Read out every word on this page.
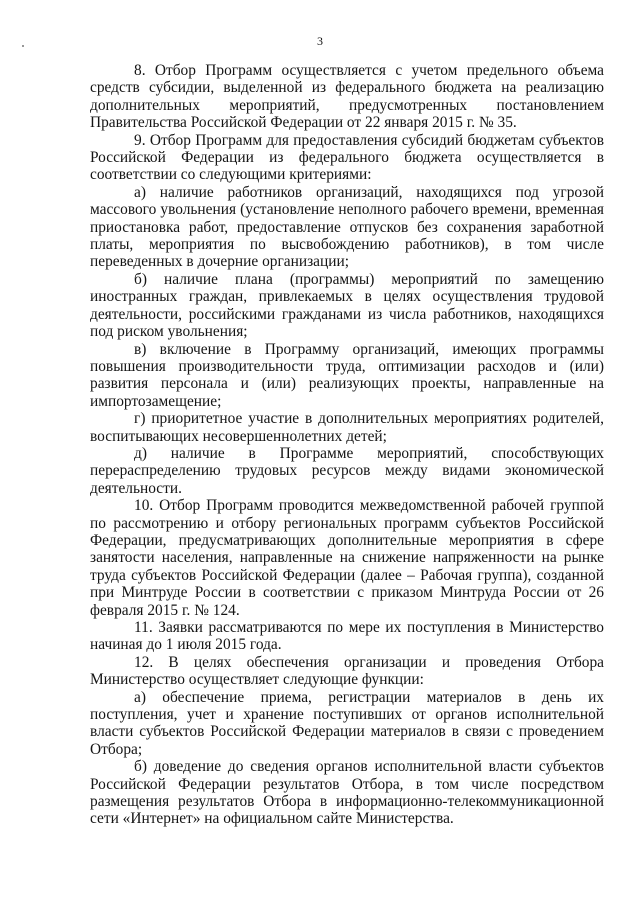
3

8. Отбор Программ осуществляется с учетом предельного объема средств субсидии, выделенной из федерального бюджета на реализацию дополнительных мероприятий, предусмотренных постановлением Правительства Российской Федерации от 22 января 2015 г. № 35.

9. Отбор Программ для предоставления субсидий бюджетам субъектов Российской Федерации из федерального бюджета осуществляется в соответствии со следующими критериями:

а) наличие работников организаций, находящихся под угрозой массового увольнения (установление неполного рабочего времени, временная приостановка работ, предоставление отпусков без сохранения заработной платы, мероприятия по высвобождению работников), в том числе переведенных в дочерние организации;

б) наличие плана (программы) мероприятий по замещению иностранных граждан, привлекаемых в целях осуществления трудовой деятельности, российскими гражданами из числа работников, находящихся под риском увольнения;

в) включение в Программу организаций, имеющих программы повышения производительности труда, оптимизации расходов и (или) развития персонала и (или) реализующих проекты, направленные на импортозамещение;

г) приоритетное участие в дополнительных мероприятиях родителей, воспитывающих несовершеннолетних детей;

д) наличие в Программе мероприятий, способствующих перераспределению трудовых ресурсов между видами экономической деятельности.

10. Отбор Программ проводится межведомственной рабочей группой по рассмотрению и отбору региональных программ субъектов Российской Федерации, предусматривающих дополнительные мероприятия в сфере занятости населения, направленные на снижение напряженности на рынке труда субъектов Российской Федерации (далее – Рабочая группа), созданной при Минтруде России в соответствии с приказом Минтруда России от 26 февраля 2015 г. № 124.

11. Заявки рассматриваются по мере их поступления в Министерство начиная до 1 июля 2015 года.

12. В целях обеспечения организации и проведения Отбора Министерство осуществляет следующие функции:

а) обеспечение приема, регистрации материалов в день их поступления, учет и хранение поступивших от органов исполнительной власти субъектов Российской Федерации материалов в связи с проведением Отбора;

б) доведение до сведения органов исполнительной власти субъектов Российской Федерации результатов Отбора, в том числе посредством размещения результатов Отбора в информационно-телекоммуникационной сети «Интернет» на официальном сайте Министерства.
